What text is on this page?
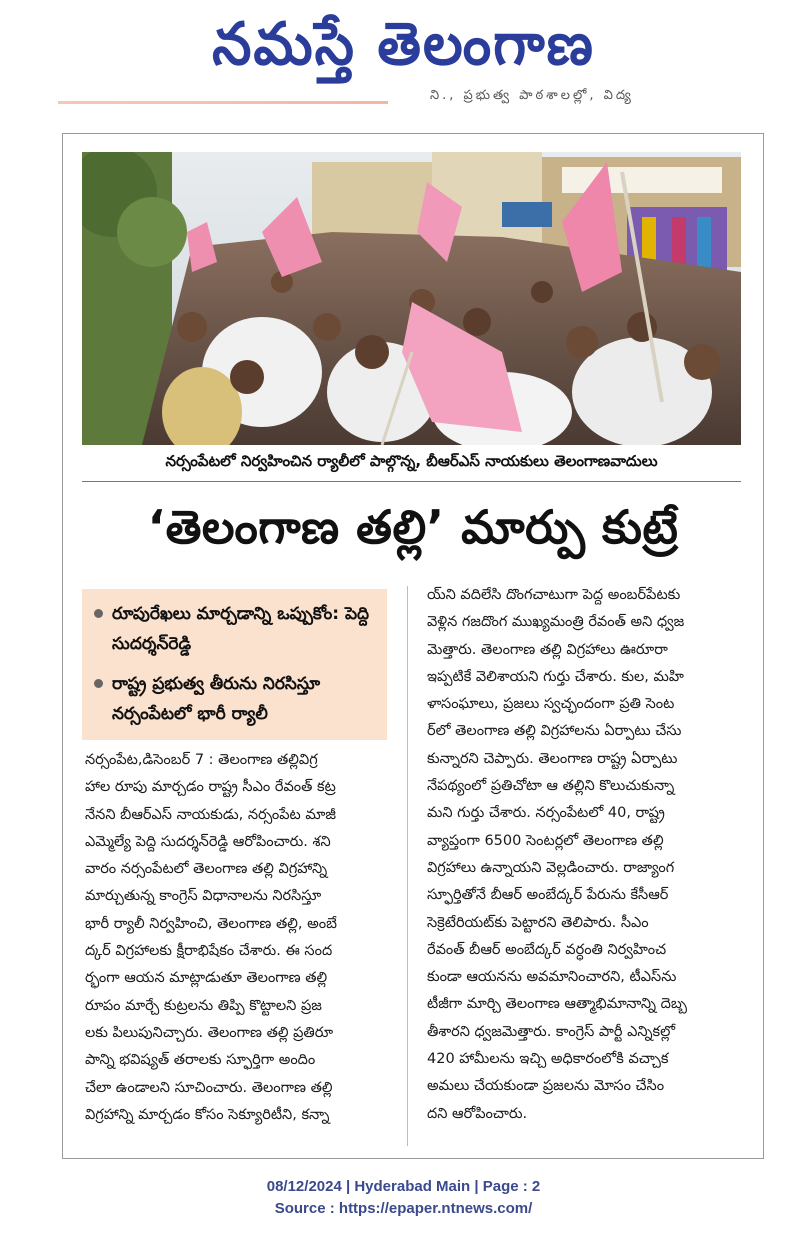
నమస్తే తెలంగాణ
ని., ప్రభుత్వ పాఠశాలల్లో, విద్య
నర్సంపేటలో నిర్వహించిన ర్యాలీలో పాల్గొన్న, బీఆర్ఎస్ నాయకులు తెలంగాణవాదులు
‘తెలంగాణ తల్లి’ మార్పు కుట్రే
రూపురేఖలు మార్చడాన్ని ఒప్పుకోం: పెద్ది సుదర్శన్‌రెడ్డి
రాష్ట్ర ప్రభుత్వ తీరును నిరసిస్తూ నర్సంపేటలో భారీ ర్యాలీ

నర్సంపేట,డిసెంబర్ 7 : తెలంగాణ తల్లివిగ్ర

హాల రూపు మార్చడం రాష్ట్ర సీఎం రేవంత్ కట్ర

నేనని బీఆర్ఎస్ నాయకుడు, నర్సంపేట మాజీ

ఎమ్మెల్యే పెద్ది సుదర్శన్‌రెడ్డి ఆరోపించారు. శని

వారం నర్సంపేటలో తెలంగాణ తల్లి విగ్రహాన్ని

మార్చుతున్న కాంగ్రెస్ విధానాలను నిరసిస్తూ

భారీ ర్యాలీ నిర్వహించి, తెలంగాణ తల్లి, అంబే

ద్కర్ విగ్రహాలకు క్షీరాభిషేకం చేశారు. ఈ సంద

ర్భంగా ఆయన మాట్లాడుతూ తెలంగాణ తల్లి

రూపం మార్చే కుట్రలను తిప్పి కొట్టాలని ప్రజ

లకు పిలుపునిచ్చారు. తెలంగాణ తల్లి ప్రతిరూ

పాన్ని భవిష్యత్ తరాలకు స్ఫూర్తిగా అందిం

చేలా ఉండాలని సూచించారు. తెలంగాణ తల్లి

విగ్రహాన్ని మార్చడం కోసం సెక్యూరిటీని, కన్నా

య్‌ని వదిలేసి దొంగచాటుగా పెద్ద అంబర్‌పేటకు

వెళ్లిన గజదొంగ ముఖ్యమంత్రి రేవంత్ అని ధ్వజ

మెత్తారు. తెలంగాణ తల్లి విగ్రహాలు ఊరూరా

ఇప్పటికే వెలిశాయని గుర్తు చేశారు. కుల, మహి

ళాసంఘాలు, ప్రజలు స్వచ్ఛందంగా ప్రతి సెంట

ర్‌లో తెలంగాణ తల్లి విగ్రహాలను ఏర్పాటు చేసు

కున్నారని చెప్పారు. తెలంగాణ రాష్ట్ర ఏర్పాటు

నేపథ్యంలో ప్రతిచోటా ఆ తల్లిని కొలుచుకున్నా

మని గుర్తు చేశారు. నర్సంపేటలో 40, రాష్ట్ర

వ్యాప్తంగా 6500 సెంటర్లలో తెలంగాణ తల్లి

విగ్రహాలు ఉన్నాయని వెల్లడించారు. రాజ్యాంగ

స్ఫూర్తితోనే బీఆర్ అంబేద్కర్ పేరును కేసీఆర్

సెక్రెటేరియట్‌కు పెట్టారని తెలిపారు. సీఎం

రేవంత్ బీఆర్ అంబేద్కర్ వర్ధంతి నిర్వహించ

కుండా ఆయనను అవమానించారని, టీఎస్‌ను

టీజీగా మార్చి తెలంగాణ ఆత్మాభిమానాన్ని దెబ్బ

తీశారని ధ్వజమెత్తారు. కాంగ్రెస్ పార్టీ ఎన్నికల్లో

420 హామీలను ఇచ్చి అధికారంలోకి వచ్చాక

అమలు చేయకుండా ప్రజలను మోసం చేసిం

దని ఆరోపించారు.

08/12/2024 | Hyderabad Main | Page : 2
Source : https://epaper.ntnews.com/
